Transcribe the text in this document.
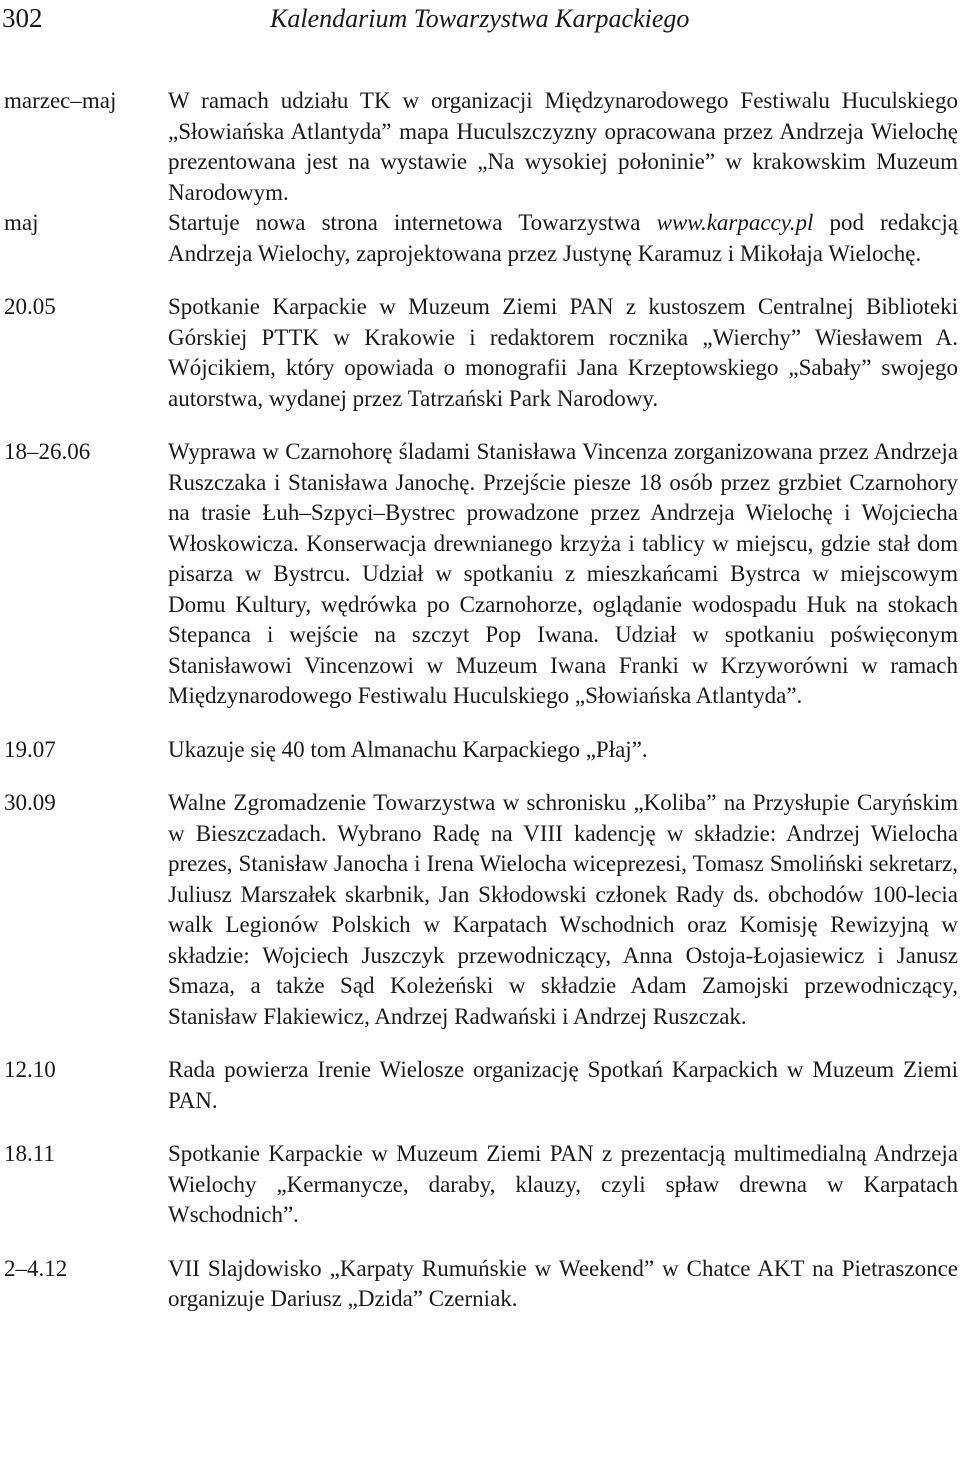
302	Kalendarium Towarzystwa Karpackiego
marzec–maj	W ramach udziału TK w organizacji Międzynarodowego Festiwalu Huculskiego „Słowiańska Atlantyda” mapa Huculszczyzny opracowana przez Andrzeja Wielochę prezentowana jest na wystawie „Na wysokiej połoninie” w krakowskim Muzeum Narodowym.
maj	Startuje nowa strona internetowa Towarzystwa www.karpaccy.pl pod redakcją Andrzeja Wielochy, zaprojektowana przez Justynę Karamuz i Mikołaja Wielochę.
20.05	Spotkanie Karpackie w Muzeum Ziemi PAN z kustoszem Centralnej Biblioteki Górskiej PTTK w Krakowie i redaktorem rocznika „Wierchy” Wiesławem A. Wójcikiem, który opowiada o monografii Jana Krzeptowskiego „Sabały” swojego autorstwa, wydanej przez Tatrzański Park Narodowy.
18–26.06	Wyprawa w Czarnohorę śladami Stanisława Vincenza zorganizowana przez Andrzeja Ruszczaka i Stanisława Janochę. Przejście piesze 18 osób przez grzbiet Czarnohory na trasie Łuh–Szpyci–Bystrec prowadzone przez Andrzeja Wielochę i Wojciecha Włoskowicza. Konserwacja drewnianego krzyża i tablicy w miejscu, gdzie stał dom pisarza w Bystrcu. Udział w spotkaniu z mieszkańcami Bystrca w miejscowym Domu Kultury, wędrówka po Czarnohorze, oglądanie wodospadu Huk na stokach Stepanca i wejście na szczyt Pop Iwana. Udział w spotkaniu poświęconym Stanisławowi Vincenzowi w Muzeum Iwana Franki w Krzyworówni w ramach Międzynarodowego Festiwalu Huculskiego „Słowiańska Atlantyda”.
19.07	Ukazuje się 40 tom Almanachu Karpackiego „Płaj”.
30.09	Walne Zgromadzenie Towarzystwa w schronisku „Koliba” na Przysłupie Caryńskim w Bieszczadach. Wybrano Radę na VIII kadencję w składzie: Andrzej Wielocha prezes, Stanisław Janocha i Irena Wielocha wiceprezesi, Tomasz Smoliński sekretarz, Juliusz Marszałek skarbnik, Jan Skłodowski członek Rady ds. obchodów 100-lecia walk Legionów Polskich w Karpatach Wschodnich oraz Komisję Rewizyjną w składzie: Wojciech Juszczyk przewodniczący, Anna Ostoja-Łojasiewicz i Janusz Smaza, a także Sąd Koleżeński w składzie Adam Zamojski przewodniczący, Stanisław Flakiewicz, Andrzej Radwański i Andrzej Ruszczak.
12.10	Rada powierza Irenie Wielosze organizację Spotkań Karpackich w Muzeum Ziemi PAN.
18.11	Spotkanie Karpackie w Muzeum Ziemi PAN z prezentacją multimedialną Andrzeja Wielochy „Kermanycze, daraby, klauzy, czyli spław drewna w Karpatach Wschodnich”.
2–4.12	VII Slajdowisko „Karpaty Rumuńskie w Weekend” w Chatce AKT na Pietraszonce organizuje Dariusz „Dzida” Czerniak.
